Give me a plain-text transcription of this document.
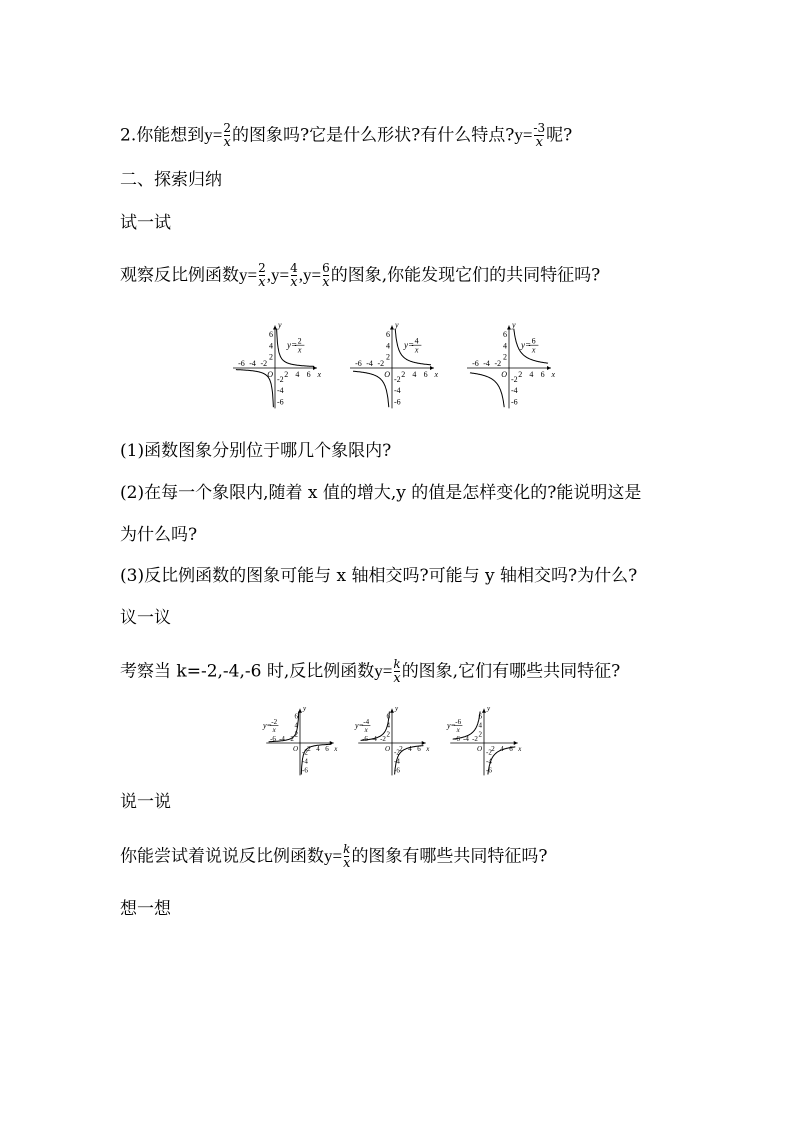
2.你能想到$y= \frac{2}{x}$ 的图象吗?它是什么形状?有什么特点?y= $\frac{-3}{x}$ 呢?
二、探索归纳
试一试
观察反比例函数$y= \frac{2}{x} ,y= \frac{4}{x} ,y= \frac{6}{x}$ 的图象,你能发现它们的共同特征吗?
2
-6
6
-2
4
-4
4
-4
6
-2
2
-6
O	x
y
y= 2
x
2
-6
6
-2
4
-4
4
-4
6
-2
2
-6
O	x
y
y= 4
x
2
-6
6
-2
4
-4
4
-4
6
-2
2
-6
O	x
y
y= 6
x
(1)函数图象分别位于哪几个象限内?
(2)在每一个象限内,随着 x 值的增大,y 的值是怎样变化的?能说明这是
为什么吗?
(3)反比例函数的图象可能与 x 轴相交吗?可能与 y 轴相交吗?为什么?
议一议
考察当 k=-2,-4,-6 时,反比例函数$y= \frac{k}{x}$ 的图象,它们有哪些共同特征?
2
-6
6
-2 4
-4
4
-4
6
-2
2
-6
O	x
y
y= -2
x
2
-6
6
-2 4
-4
4
-4
6
-2
2
-6
O	x
y
y= -4
x
2
-6
6
-2 4
-4
4
-4
6
-2
2
-6
O	x
y
y= -6
x
说一说
你能尝试着说说反比例函数$y= \frac{k}{x}$ 的图象有哪些共同特征吗?
想一想
